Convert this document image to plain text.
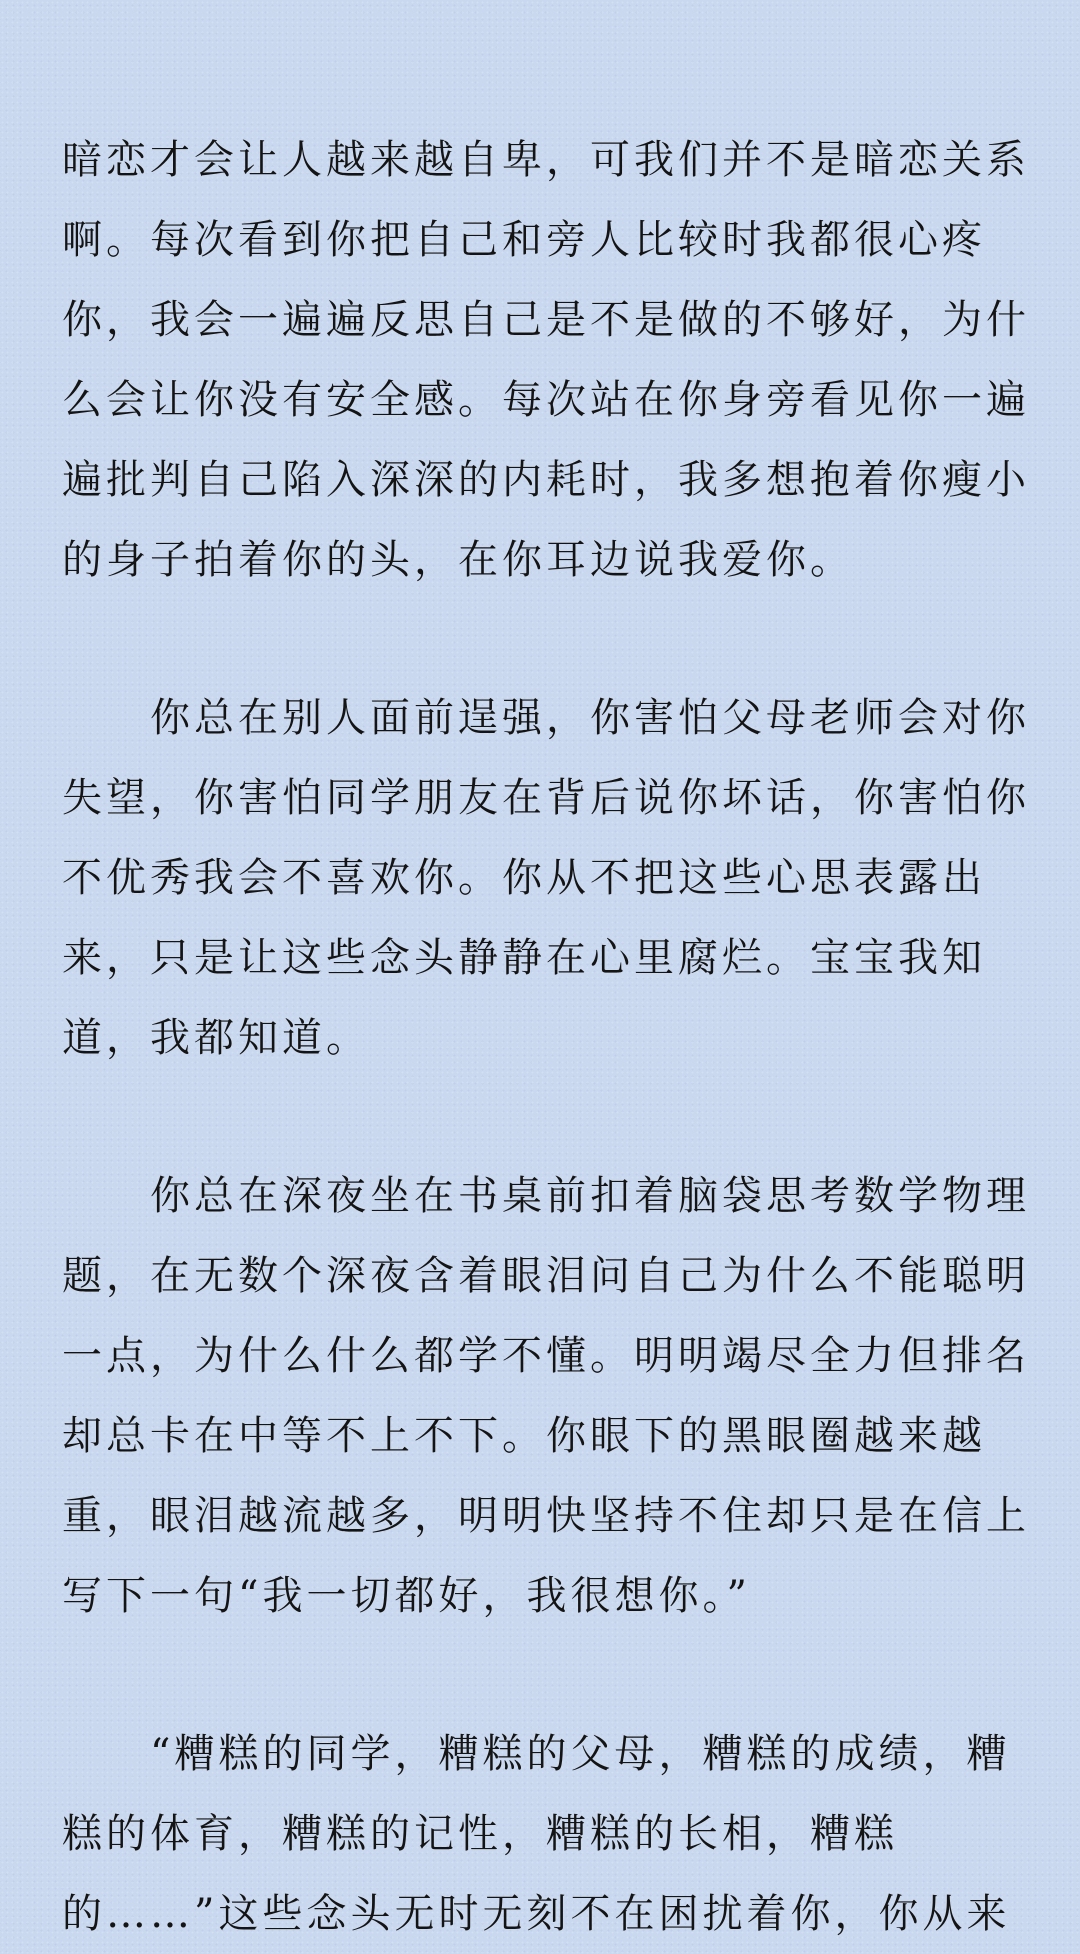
暗恋才会让人越来越自卑，可我们并不是暗恋关系
啊。每次看到你把自己和旁人比较时我都很心疼
你，我会一遍遍反思自己是不是做的不够好，为什
么会让你没有安全感。每次站在你身旁看见你一遍
遍批判自己陷入深深的内耗时，我多想抱着你瘦小
的身子拍着你的头，在你耳边说我爱你。
　　你总在别人面前逞强，你害怕父母老师会对你
失望，你害怕同学朋友在背后说你坏话，你害怕你
不优秀我会不喜欢你。你从不把这些心思表露出
来，只是让这些念头静静在心里腐烂。宝宝我知
道，我都知道。
　　你总在深夜坐在书桌前扣着脑袋思考数学物理
题，在无数个深夜含着眼泪问自己为什么不能聪明
一点，为什么什么都学不懂。明明竭尽全力但排名
却总卡在中等不上不下。你眼下的黑眼圈越来越
重，眼泪越流越多，明明快坚持不住却只是在信上
写下一句“我一切都好，我很想你。”
　　“糟糕的同学，糟糕的父母，糟糕的成绩，糟
糕的体育，糟糕的记性，糟糕的长相，糟糕
的……”这些念头无时无刻不在困扰着你，你从来
